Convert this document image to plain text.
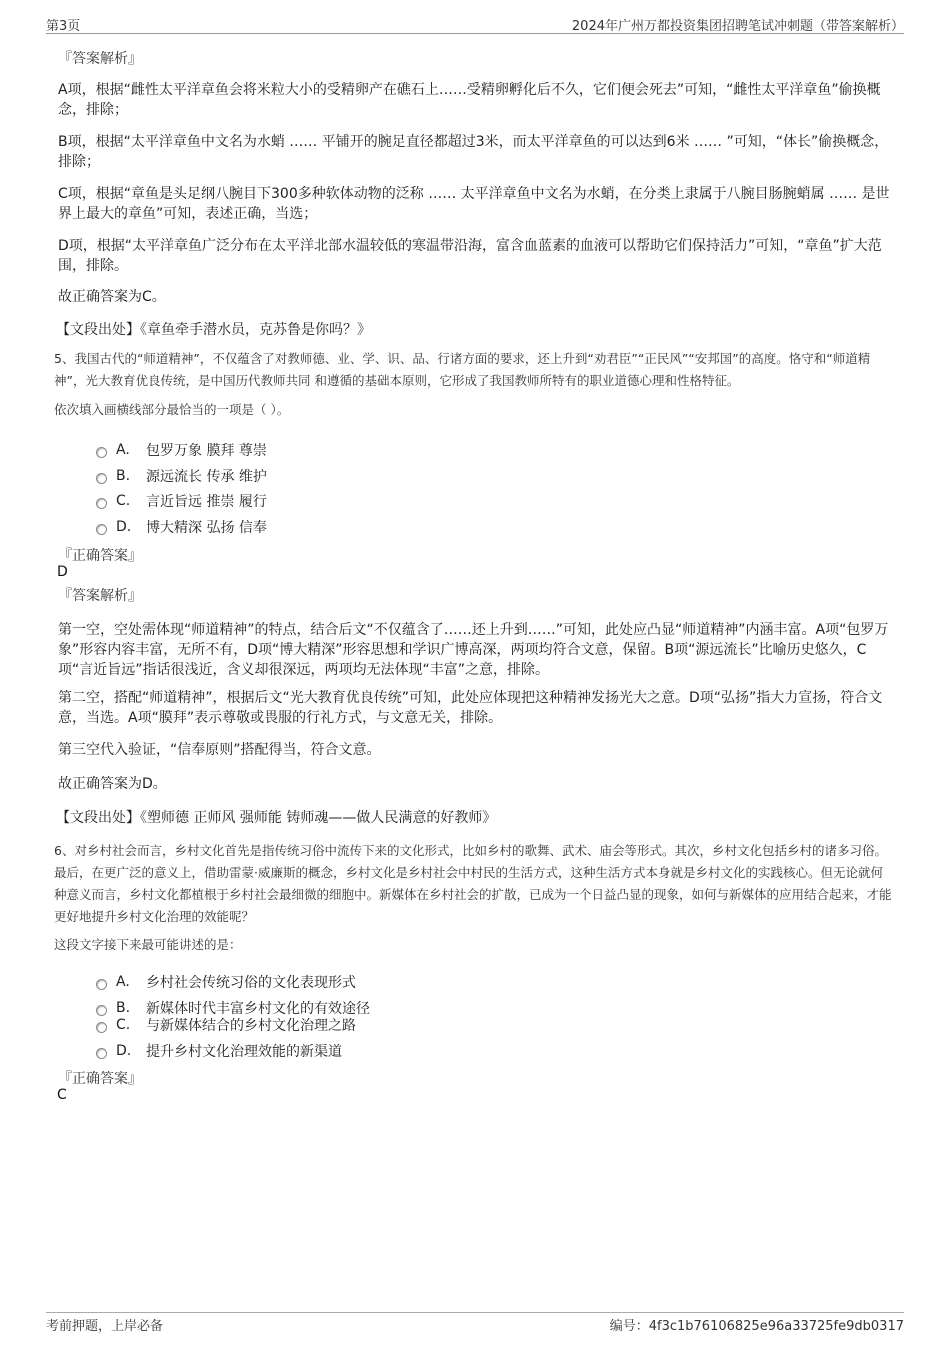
第3页	2024年广州万都投资集团招聘笔试冲刺题（带答案解析）
『答案解析』
A项，根据“雌性太平洋章鱼会将米粒大小的受精卵产在礁石上……受精卵孵化后不久，它们便会死去”可知，“雌性太平洋章鱼”偷换概念，排除；
B项，根据“太平洋章鱼中文名为水蛸 …… 平铺开的腕足直径都超过3米，而太平洋章鱼的可以达到6米 …… ”可知，“体长”偷换概念，排除；
C项，根据“章鱼是头足纲八腕目下300多种软体动物的泛称 …… 太平洋章鱼中文名为水蛸，在分类上隶属于八腕目肠腕蛸属 …… 是世界上最大的章鱼”可知，表述正确，当选；
D项，根据“太平洋章鱼广泛分布在太平洋北部水温较低的寒温带沿海，富含血蓝素的血液可以帮助它们保持活力”可知，“章鱼”扩大范围，排除。
故正确答案为C。
【文段出处】《章鱼牵手潜水员，克苏鲁是你吗？》
5、我国古代的“师道精神”，不仅蕴含了对教师德、业、学、识、品、行诸方面的要求，还上升到“劝君臣”“正民风”“安邦国”的高度。恪守和“师道精神”，光大教育优良传统，是中国历代教师共同 和遵循的基础本原则，它形成了我国教师所特有的职业道德心理和性格特征。
依次填入画横线部分最恰当的一项是（ ）。
A.	包罗万象 膜拜 尊崇
B.	源远流长 传承 维护
C.	言近旨远 推崇 履行
D.	博大精深 弘扬 信奉
『正确答案』
D
『答案解析』
第一空，空处需体现“师道精神”的特点，结合后文“不仅蕴含了……还上升到……”可知，此处应凸显“师道精神”内涵丰富。A项“包罗万象”形容内容丰富，无所不有，D项“博大精深”形容思想和学识广博高深，两项均符合文意，保留。B项“源远流长”比喻历史悠久，C项“言近旨远”指话很浅近，含义却很深远，两项均无法体现“丰富”之意，排除。
第二空，搭配“师道精神”，根据后文“光大教育优良传统”可知，此处应体现把这种精神发扬光大之意。D项“弘扬”指大力宣扬，符合文意，当选。A项“膜拜”表示尊敬或畏服的行礼方式，与文意无关，排除。
第三空代入验证，“信奉原则”搭配得当，符合文意。
故正确答案为D。
【文段出处】《塑师德 正师风 强师能 铸师魂——做人民满意的好教师》
6、对乡村社会而言，乡村文化首先是指传统习俗中流传下来的文化形式，比如乡村的歌舞、武术、庙会等形式。其次，乡村文化包括乡村的诸多习俗。最后，在更广泛的意义上，借助雷蒙·威廉斯的概念，乡村文化是乡村社会中村民的生活方式，这种生活方式本身就是乡村文化的实践核心。但无论就何种意义而言，乡村文化都植根于乡村社会最细微的细胞中。新媒体在乡村社会的扩散，已成为一个日益凸显的现象，如何与新媒体的应用结合起来，才能更好地提升乡村文化治理的效能呢？
这段文字接下来最可能讲述的是：
A.	乡村社会传统习俗的文化表现形式
B.	新媒体时代丰富乡村文化的有效途径
C.	与新媒体结合的乡村文化治理之路
D.	提升乡村文化治理效能的新渠道
『正确答案』
C
考前押题，上岸必备	编号：4f3c1b76106825e96a33725fe9db0317
